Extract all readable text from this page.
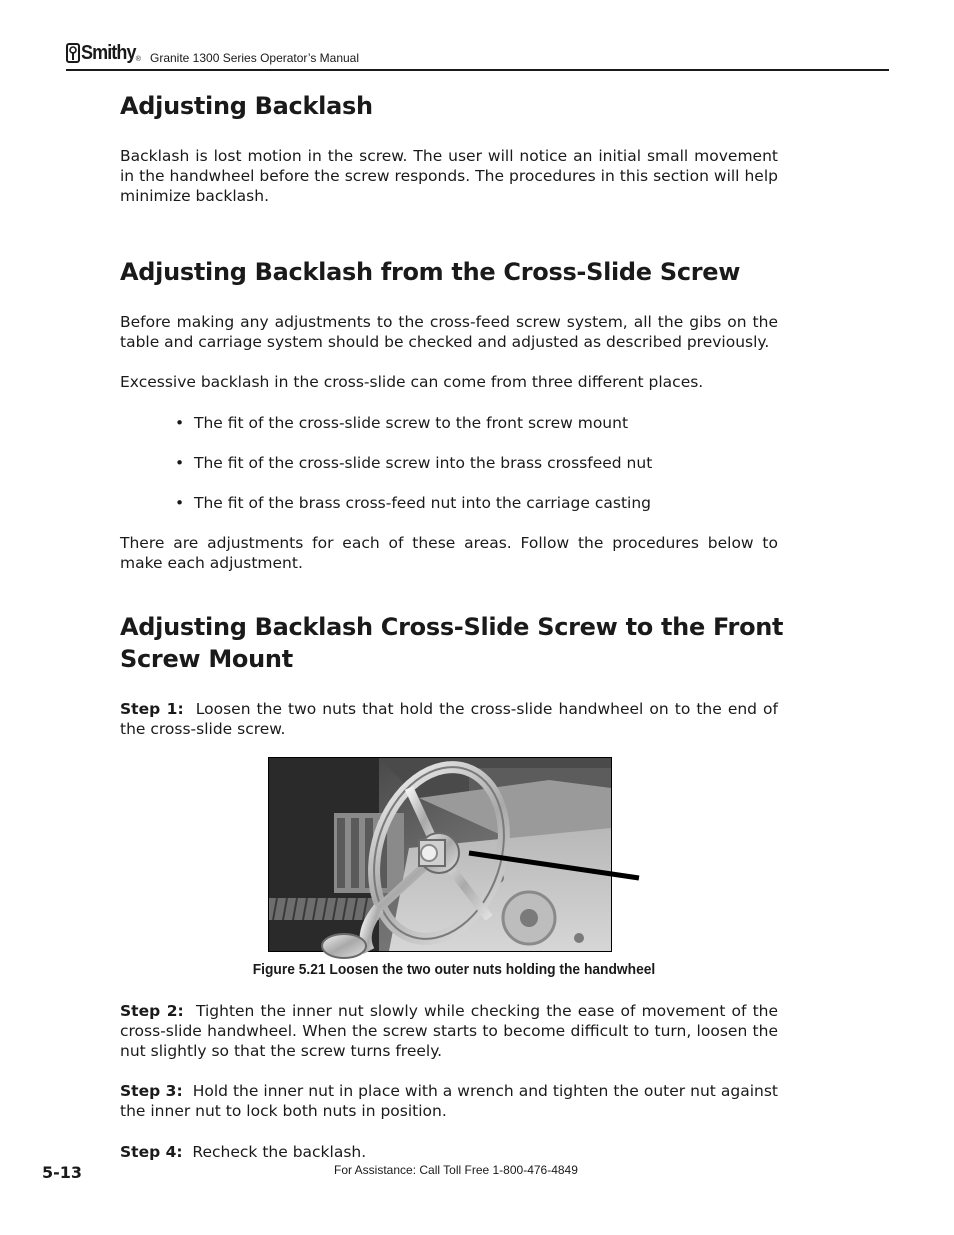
Smithy ® Granite 1300 Series Operator’s Manual
Adjusting Backlash

Backlash is lost motion in the screw. The user will notice an initial small movement in the handwheel before the screw responds. The procedures in this section will help minimize backlash.

Adjusting Backlash from the Cross-Slide Screw

Before making any adjustments to the cross-feed screw system, all the gibs on the table and carriage system should be checked and adjusted as described previously.

Excessive backlash in the cross-slide can come from three different places.

• The fit of the cross-slide screw to the front screw mount

• The fit of the cross-slide screw into the brass crossfeed nut

• The fit of the brass cross-feed nut into the carriage casting

There are adjustments for each of these areas. Follow the procedures below to make each adjustment.

Adjusting Backlash Cross-Slide Screw to the Front Screw Mount

Step 1: Loosen the two nuts that hold the cross-slide handwheel on to the end of the cross-slide screw.

Figure 5.21 Loosen the two outer nuts holding the handwheel

Step 2: Tighten the inner nut slowly while checking the ease of movement of the cross-slide handwheel. When the screw starts to become difficult to turn, loosen the nut slightly so that the screw turns freely.

Step 3: Hold the inner nut in place with a wrench and tighten the outer nut against the inner nut to lock both nuts in position.

Step 4: Recheck the backlash.

5-13	For Assistance: Call Toll Free 1-800-476-4849
